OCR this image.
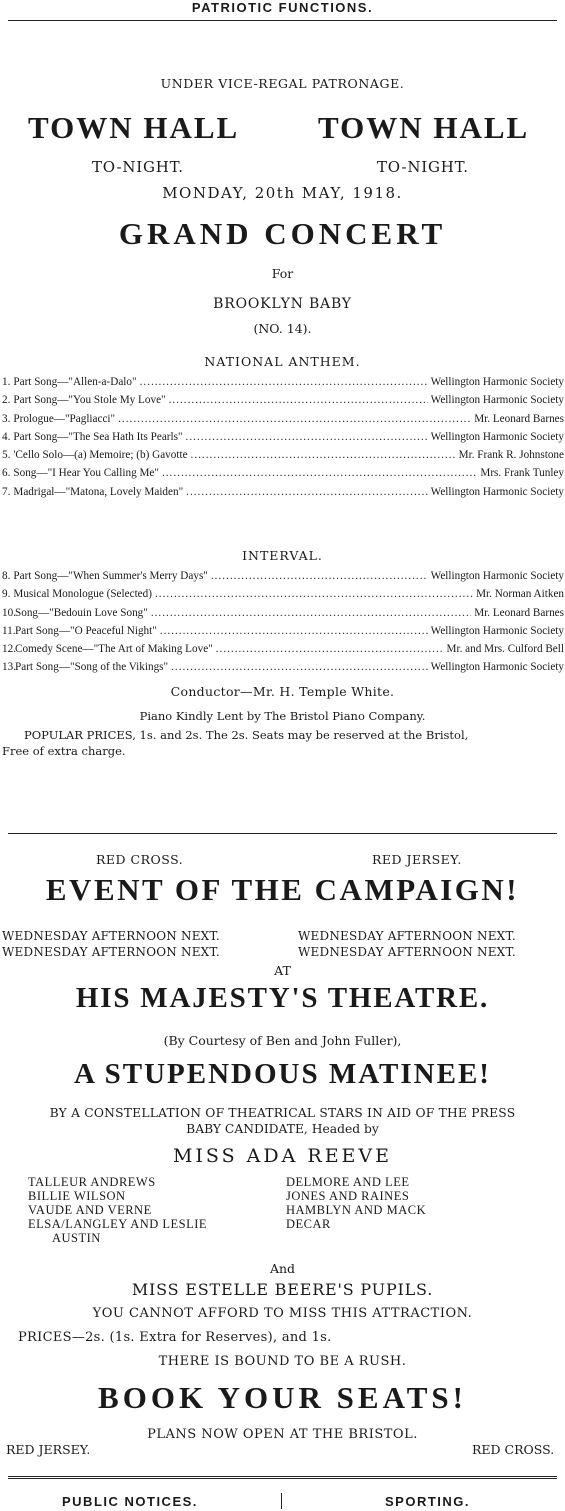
PATRIOTIC FUNCTIONS.
UNDER VICE-REGAL PATRONAGE.
TOWN HALL	TOWN HALL
TO-NIGHT.	TO-NIGHT.
MONDAY, 20th MAY, 1918.
GRAND CONCERT
For
BROOKLYN BABY
(NO. 14).
NATIONAL ANTHEM.
1. Part Song—"Allen-a-Dalo" .....	Wellington Harmonic Society
2. Part Song—"You Stole My Love" .....	Wellington Harmonic Society
3. Prologue—"Pagliacci" .....	Mr. Leonard Barnes
4. Part Song—"The Sea Hath Its Pearls" .....	Wellington Harmonic Society
5. 'Cello Solo—(a) Memoire; (b) Gavotte .....	Mr. Frank R. Johnstone
6. Song—"I Hear You Calling Me" .....	Mrs. Frank Tunley
7. Madrigal—"Matona, Lovely Maiden" .....	Wellington Harmonic Society
INTERVAL.
8. Part Song—"When Summer's Merry Days" .....	Wellington Harmonic Society
9. Musical Monologue (Selected) .....	Mr. Norman Aitken
10. Song—"Bedouin Love Song" .....	Mr. Leonard Barnes
11. Part Song—"O Peaceful Night" .....	Wellington Harmonic Society
12. Comedy Scene—"The Art of Making Love" .....	Mr. and Mrs. Culford Bell
13. Part Song—"Song of the Vikings" .....	Wellington Harmonic Society
Conductor—Mr. H. Temple White.
Piano Kindly Lent by The Bristol Piano Company.
POPULAR PRICES, 1s. and 2s. The 2s. Seats may be reserved at the Bristol,
Free of extra charge.
RED CROSS.	RED JERSEY.
EVENT OF THE CAMPAIGN!
WEDNESDAY AFTERNOON NEXT.
WEDNESDAY AFTERNOON NEXT.
WEDNESDAY AFTERNOON NEXT.
WEDNESDAY AFTERNOON NEXT.
AT
HIS MAJESTY'S THEATRE.
(By Courtesy of Ben and John Fuller),
A STUPENDOUS MATINEE!
BY A CONSTELLATION OF THEATRICAL STARS IN AID OF THE PRESS
BABY CANDIDATE, Headed by
MISS ADA REEVE
TALLEUR ANDREWS
BILLIE WILSON
VAUDE AND VERNE
ELSA/LANGLEY AND LESLIE
AUSTIN
DELMORE AND LEE
JONES AND RAINES
HAMBLYN AND MACK
DECAR
And
MISS ESTELLE BEERE'S PUPILS.
YOU CANNOT AFFORD TO MISS THIS ATTRACTION.
PRICES—2s. (1s. Extra for Reserves), and 1s.
THERE IS BOUND TO BE A RUSH.
BOOK YOUR SEATS!
PLANS NOW OPEN AT THE BRISTOL.
RED JERSEY.	RED CROSS.
PUBLIC NOTICES.	SPORTING.
